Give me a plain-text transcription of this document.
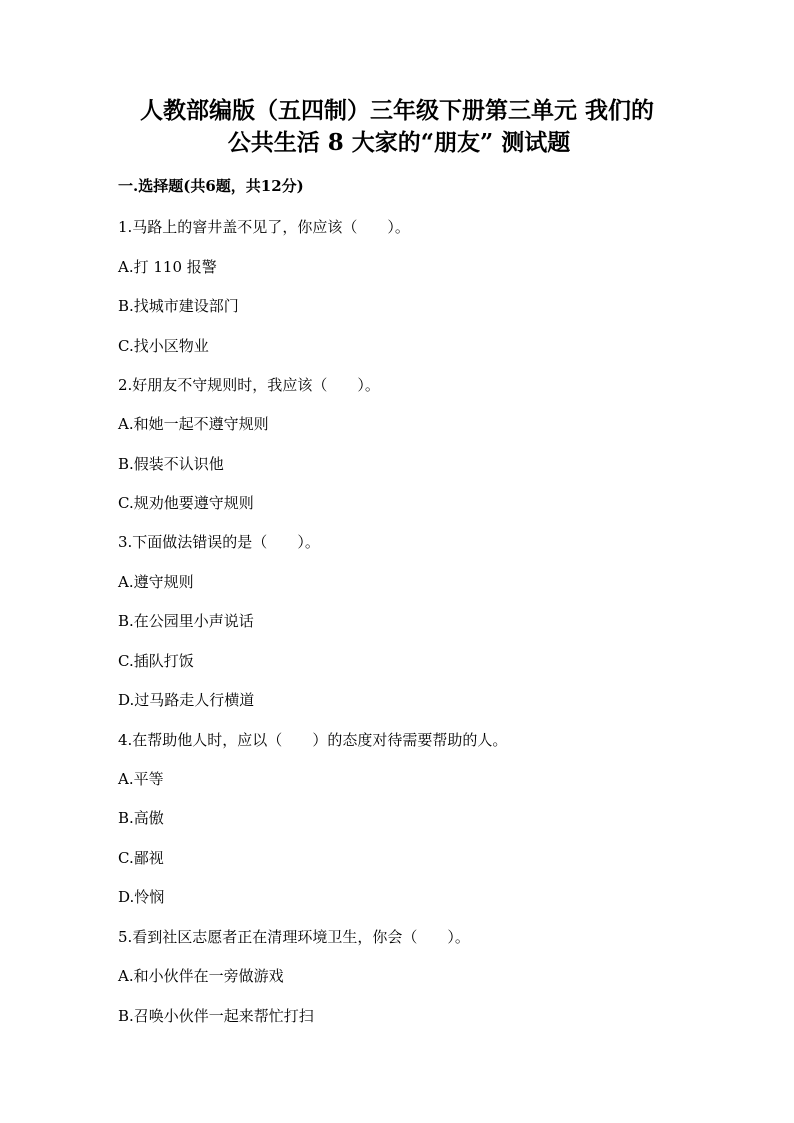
人教部编版（五四制）三年级下册第三单元 我们的
公共生活 8 大家的“朋友” 测试题
一.选择题(共6题，共12分)
1.马路上的窨井盖不见了，你应该（　　）。
A.打 110 报警
B.找城市建设部门
C.找小区物业
2.好朋友不守规则时，我应该（　　）。
A.和她一起不遵守规则
B.假装不认识他
C.规劝他要遵守规则
3.下面做法错误的是（　　）。
A.遵守规则
B.在公园里小声说话
C.插队打饭
D.过马路走人行横道
4.在帮助他人时，应以（　　）的态度对待需要帮助的人。
A.平等
B.高傲
C.鄙视
D.怜悯
5.看到社区志愿者正在清理环境卫生，你会（　　）。
A.和小伙伴在一旁做游戏
B.召唤小伙伴一起来帮忙打扫
